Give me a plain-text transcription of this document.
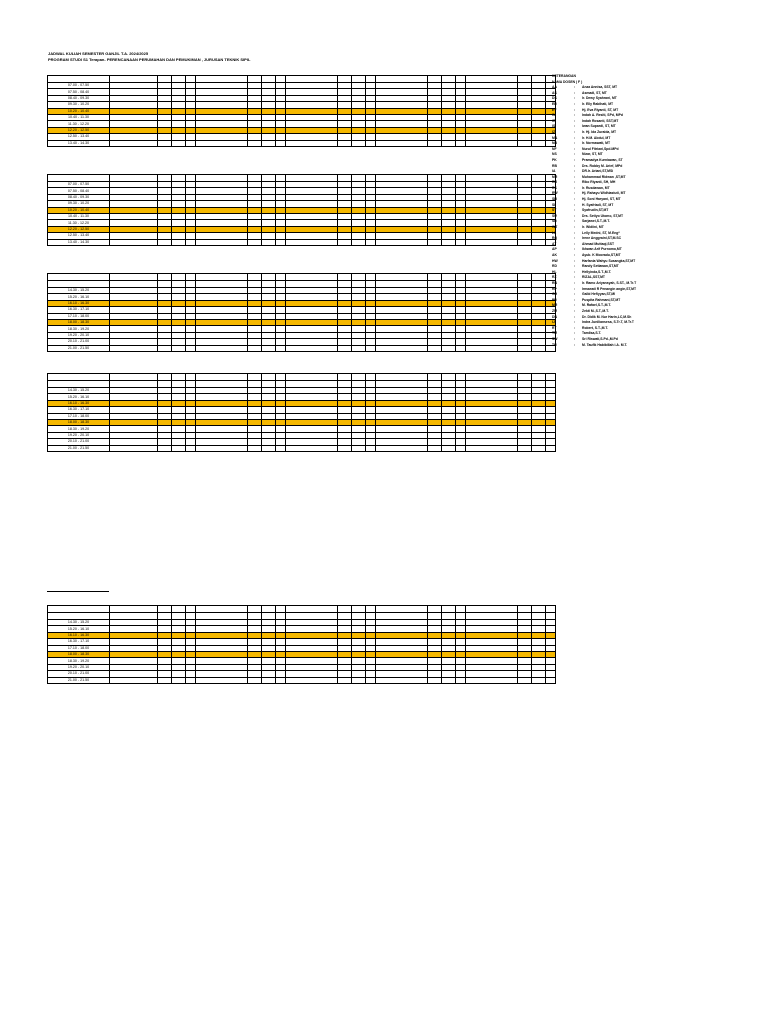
JADWAL KULIAH SEMESTER GANJIL T.A. 2024/2025
PROGRAM STUDI S1 Terapan- PERENCANAAN PERUMAHAN DAN PEMUKIMAN , JURUSAN TEKNIK SIPIL

07.00 - 07.50																				
07.50 - 08.40																				
08.40 - 09.30																				
09.30 - 10.20																				
10.20 - 10.40																				
10.40 - 11.30																				
11.30 - 12.20																				
12.20 - 12.50																				
12.50 - 13.40																				
13.40 - 14.30																				

07.00 - 07.50																				
07.50 - 08.40																				
08.40 - 09.30																				
09.30 - 10.20																				
10.20 - 10.40																				
10.40 - 11.30																				
11.30 - 12.20																				
12.20 - 12.50																				
12.50 - 13.40																				
13.40 - 14.30																				

14.30 - 15.20																				
15.20 - 16.10																				
16.10 - 16.30																				
16.30 - 17.10																				
17.10 - 18.00																				
18.00 - 18.30																				
18.30 - 19.20																				
19.20 - 20.10																				
20.10 - 21.00																				
21.00 - 21.50																				

14.30 - 15.20																				
15.20 - 16.10																				
16.10 - 16.30																				
16.30 - 17.10																				
17.10 - 18.00																				
18.00 - 18.30																				
18.30 - 19.20																				
19.20 - 20.10																				
20.10 - 21.00																				
21.00 - 21.50																				

14.30 - 15.20																				
15.20 - 16.10																				
16.10 - 16.30																				
16.30 - 17.10																				
17.10 - 18.00																				
18.00 - 18.30																				
18.30 - 19.20																				
19.20 - 20.10																				
20.10 - 21.00																				
21.00 - 21.50																				
KETERANGAN
NAMA DOSEN ( F )
AA	:	Anza Annisa, SST, MT
AS	:	Asmadi, ST, MT
DS	:	Ir. Dewy Syahrani, MT
ER	:	Ir. Elly Rabihati, MT
EV	:	Hj. Eva Riyanti, ST, MT
IN	:	Indah A. Resiti, SPd, MPd
IR	:	Indah Rosanti, SST,MT
IS	:	Iwan Supardi, ST, MT
IZ	:	Ir. Hj. Ida Zuraida, MT
MA	:	Ir. H.M. Abdul, MT
NB	:	Ir. Normawati, MT
NF	:	Nurul Fitriani,Spd.MPd
NS	:	Nizar, ST, MT
PK	:	Pramadya Kurniawan, ST
RB	:	Drs. Robby M. Arief, MPd
IA	:	DR.Ir. Ariani,ST,MSi
MR	:	Muhammad Ridwan ,ST,MT
RR	:	Riko Riyanti, SH, MH
RS	:	Ir. Rusdawan, MT
RW	:	Hj. Rahayu Widhiastuti, MT
SH	:	Hj. Soni Haryani, ST, MT
SI	:	H. Syafriadi, ST, MT
SY	:	Syafrudin,ST,MT
SU	:	Drs. Setiyo Utomo, ST,MT
SR	:	Sarjawei,S.T.,M.T.
WT	:	Ir. Widiini, MT
LL	:	Lelly Medni, ST, M.Eng*
RQ	:	Irene Anggraini,ST,M.SC
AT	:	Ahmad Muttaqi,SST
AP	:	Ikhwan Arif Purnomo,MT
AK	:	Ayub. K Mooradu,ST,MT
HW	:	Harfania Wahyu Susangka,ST,MT
RD	:	Randy Setiawan,ST,MT
HL	:	Hellyinda,S.T.,M.T.
RZ	:	RIZAL,SST,MT
RN	:	Ir. Ramo Ariyansyah, S.ST., M.Tr.T
RP	:	Irmawati R Penangin angin,ST,MT
GH	:	Galbi Hefiyyan,ST,MI
PR	:	Puspita Rahmani,ST,MT
MR	:	M. Rafael,S.T.,M.T.
ZM	:	Zekti M.,S.T.,M.T.
DN	:	Dr. Didik M. Nur Harin,LC,M.Sh
IJ	:	Indra Juniliansesa, S.Tr.T, M.Tr.T
RT	:	Robert, S.T.,M.T.
TM	:	Tamlisa,S.T.
SW	:	Sri Riswati,S.Pd.,M.Pd
TH	:	M. Taufik Habibillah i.A. M.T.
